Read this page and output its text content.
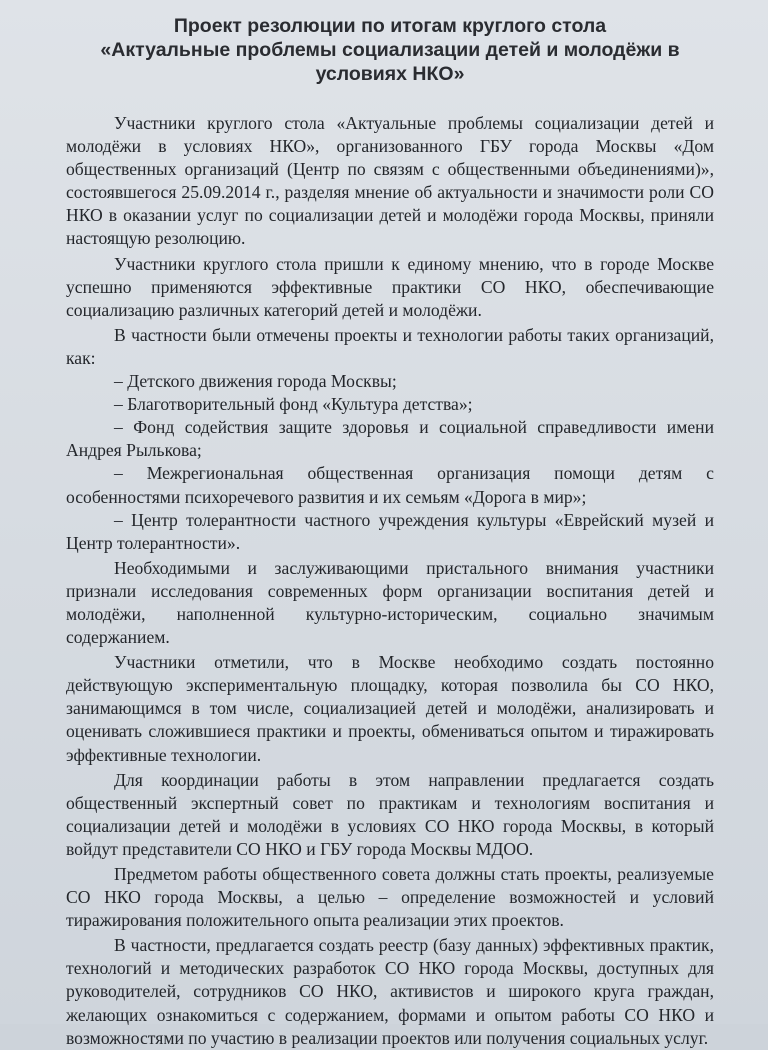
Проект резолюции по итогам круглого стола
«Актуальные проблемы социализации детей и молодёжи в
условиях НКО»

Участники круглого стола «Актуальные проблемы социализации детей и молодёжи в условиях НКО», организованного ГБУ города Москвы «Дом общественных организаций (Центр по связям с общественными объединениями)», состоявшегося 25.09.2014 г., разделяя мнение об актуальности и значимости роли СО НКО в оказании услуг по социализации детей и молодёжи города Москвы, приняли настоящую резолюцию.

Участники круглого стола пришли к единому мнению, что в городе Москве успешно применяются эффективные практики СО НКО, обеспечивающие социализацию различных категорий детей и молодёжи.

В частности были отмечены проекты и технологии работы таких организаций, как:

– Детского движения города Москвы;

– Благотворительный фонд «Культура детства»;

– Фонд содействия защите здоровья и социальной справедливости имени Андрея Рылькова;

– Межрегиональная общественная организация помощи детям с особенностями психоречевого развития и их семьям «Дорога в мир»;

– Центр толерантности частного учреждения культуры «Еврейский музей и Центр толерантности».

Необходимыми и заслуживающими пристального внимания участники признали исследования современных форм организации воспитания детей и молодёжи, наполненной культурно-историческим, социально значимым содержанием.

Участники отметили, что в Москве необходимо создать постоянно действующую экспериментальную площадку, которая позволила бы СО НКО, занимающимся в том числе, социализацией детей и молодёжи, анализировать и оценивать сложившиеся практики и проекты, обмениваться опытом и тиражировать эффективные технологии.

Для координации работы в этом направлении предлагается создать общественный экспертный совет по практикам и технологиям воспитания и социализации детей и молодёжи в условиях СО НКО города Москвы, в который войдут представители СО НКО и ГБУ города Москвы МДОО.

Предметом работы общественного совета должны стать проекты, реализуемые СО НКО города Москвы, а целью – определение возможностей и условий тиражирования положительного опыта реализации этих проектов.

В частности, предлагается создать реестр (базу данных) эффективных практик, технологий и методических разработок СО НКО города Москвы, доступных для руководителей, сотрудников СО НКО, активистов и широкого круга граждан, желающих ознакомиться с содержанием, формами и опытом работы СО НКО и возможностями по участию в реализации проектов или получения социальных услуг.
